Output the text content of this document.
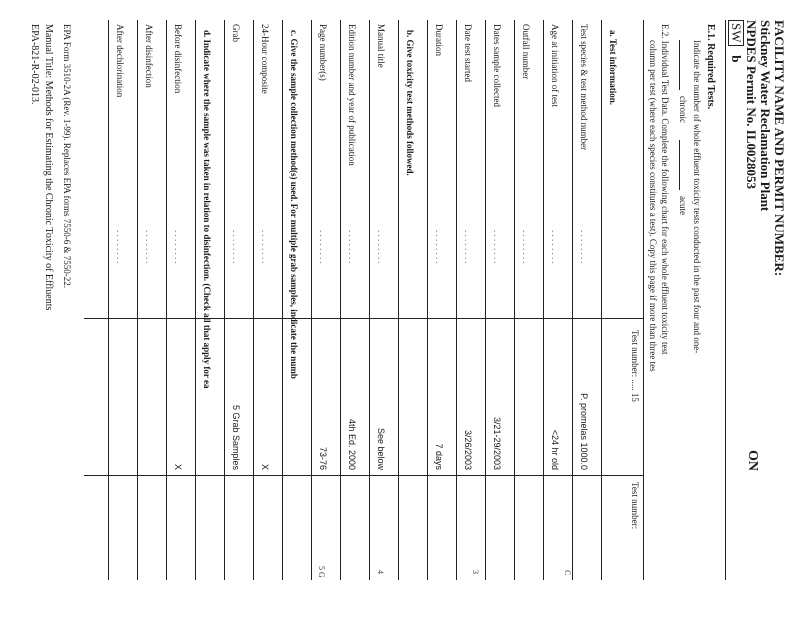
FACILITY NAME AND PERMIT NUMBER:
Stickney Water Reclamation Plant
NPDES Permit No. IL0028053
SW   b
ON
E.1. Required Tests.
Indicate the number of whole effluent toxicity tests conducted in the past four and one-
chronic
acute
E.2. Individual Test Data. Complete the following chart for each whole effluent toxicity test
column per test (where each species constitutes a test). Copy this page if more than three tes
Test number: ..... 15
Test number:
a. Test information.
Test species & test method number
. . . . . . . .
P. promelas 1000.0
Age at initiation of test
. . . . . . . .
<24 hr old
Outfall number
. . . . . . . .
Dates sample collected
. . . . . . . .
3/21-29/2003
Date test started
. . . . . . . .
3/26/2003
Duration
. . . . . . . .
7 days
b. Give toxicity test methods followed.
Manual title
. . . . . . . .
See below
Edition number and year of publication
. . . . . . . .
4th Ed. 2000
Page number(s)
. . . . . . . .
73-76
c. Give the sample collection method(s) used. For multiple grab samples, indicate the numb
24-Hour composite
. . . . . . . .
X
Grab
. . . . . . . .
5 Grab Samples
d. Indicate where the sample was taken in relation to disinfection. (Check all that apply for ea
Before disinfection
. . . . . . . .
X
After disinfection
. . . . . . . .
After dechlorination
. . . . . . . .
C
3
4
5 G
EPA Form 3510-2A (Rev. 1-99). Replaces EPA forms 7550-6 & 7550-22.
Manual Title: Methods for Estimating the Chronic Toxicity of Effluents
EPA-821-R-02-013.
